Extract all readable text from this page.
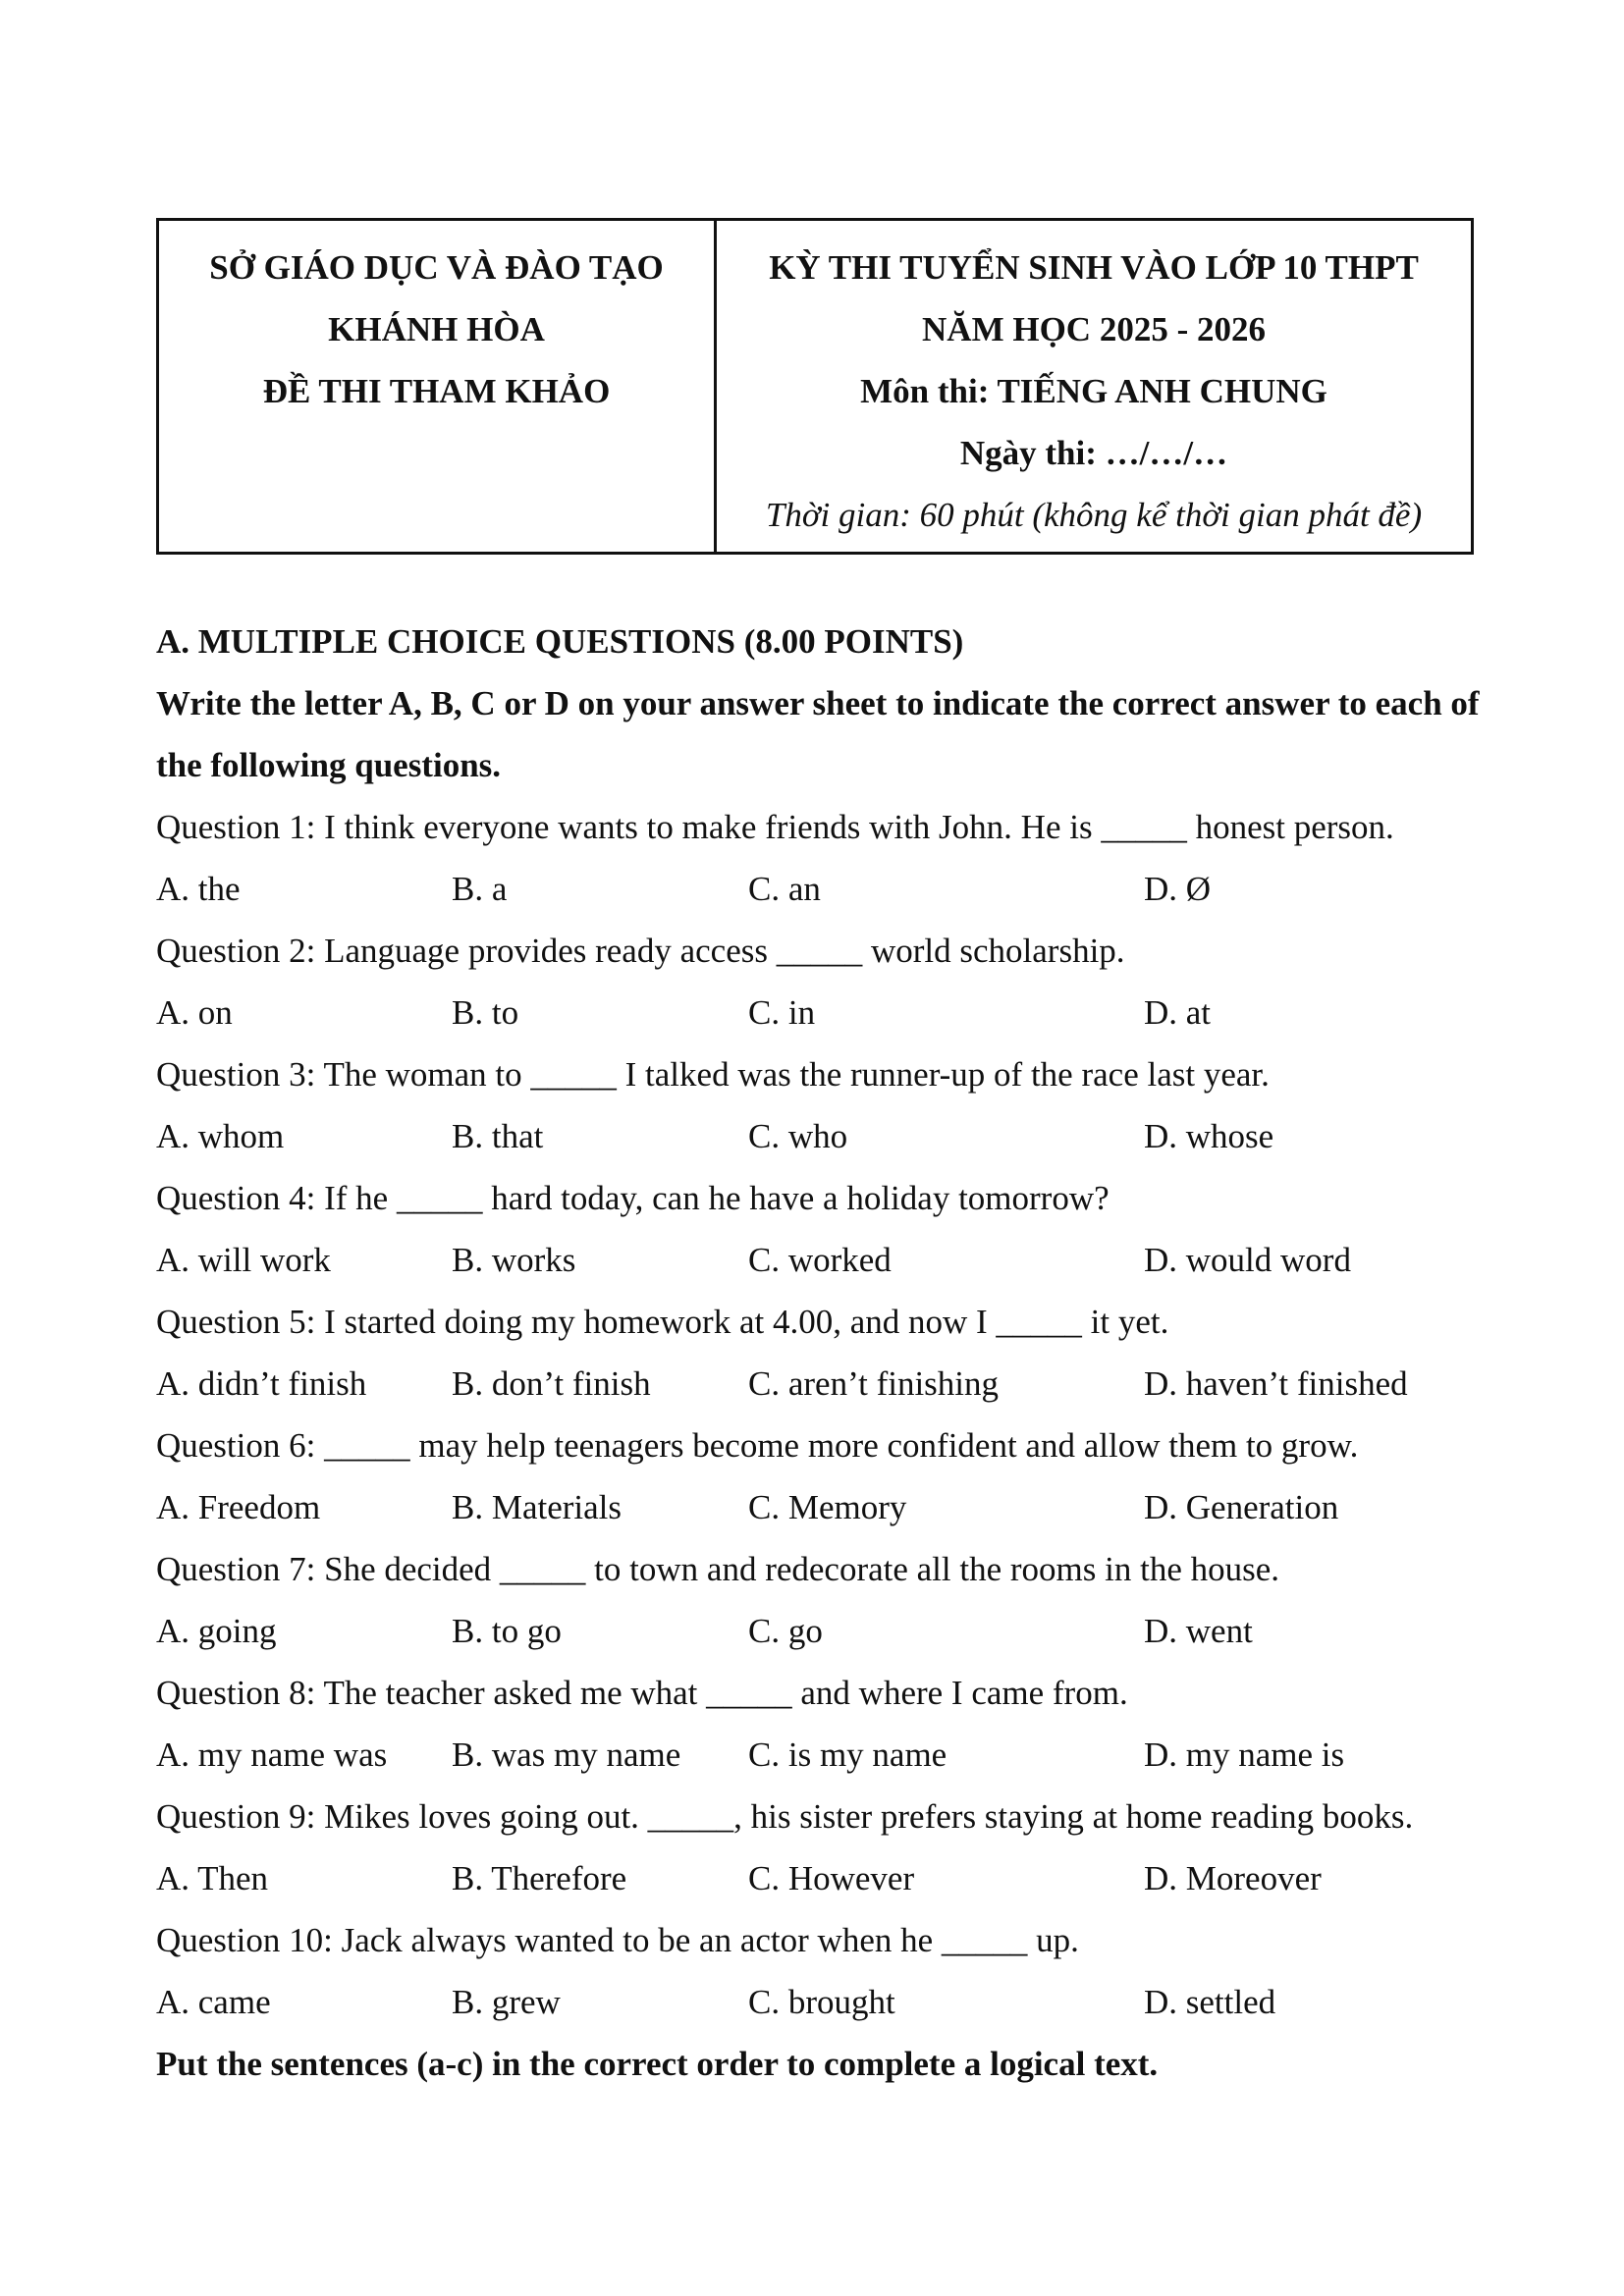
SỞ GIÁO DỤC VÀ ĐÀO TẠO
KHÁNH HÒA
ĐỀ THI THAM KHẢO
KỲ THI TUYỂN SINH VÀO LỚP 10 THPT
NĂM HỌC 2025 - 2026
Môn thi: TIẾNG ANH CHUNG
Ngày thi: …/…/…
Thời gian: 60 phút (không kể thời gian phát đề)
A. MULTIPLE CHOICE QUESTIONS (8.00 POINTS)
Write the letter A, B, C or D on your answer sheet to indicate the correct answer to each of the following questions.
Question 1: I think everyone wants to make friends with John. He is _____ honest person.
A. the	B. a	C. an	D. Ø
Question 2: Language provides ready access _____ world scholarship.
A. on	B. to	C. in	D. at
Question 3: The woman to _____ I talked was the runner-up of the race last year.
A. whom	B. that	C. who	D. whose
Question 4: If he _____ hard today, can he have a holiday tomorrow?
A. will work	B. works	C. worked	D. would word
Question 5: I started doing my homework at 4.00, and now I _____ it yet.
A. didn’t finish B. don’t finish	C. aren’t finishing	D. haven’t finished
Question 6: _____ may help teenagers become more confident and allow them to grow.
A. Freedom	B. Materials	C. Memory	D. Generation
Question 7: She decided _____ to town and redecorate all the rooms in the house.
A. going	B. to go	C. go	D. went
Question 8: The teacher asked me what _____ and where I came from.
A. my name was B. was my name C. is my name	D. my name is
Question 9: Mikes loves going out. _____, his sister prefers staying at home reading books.
A. Then	B. Therefore	C. However	D. Moreover
Question 10: Jack always wanted to be an actor when he _____ up.
A. came	B. grew	C. brought	D. settled
Put the sentences (a-c) in the correct order to complete a logical text.
